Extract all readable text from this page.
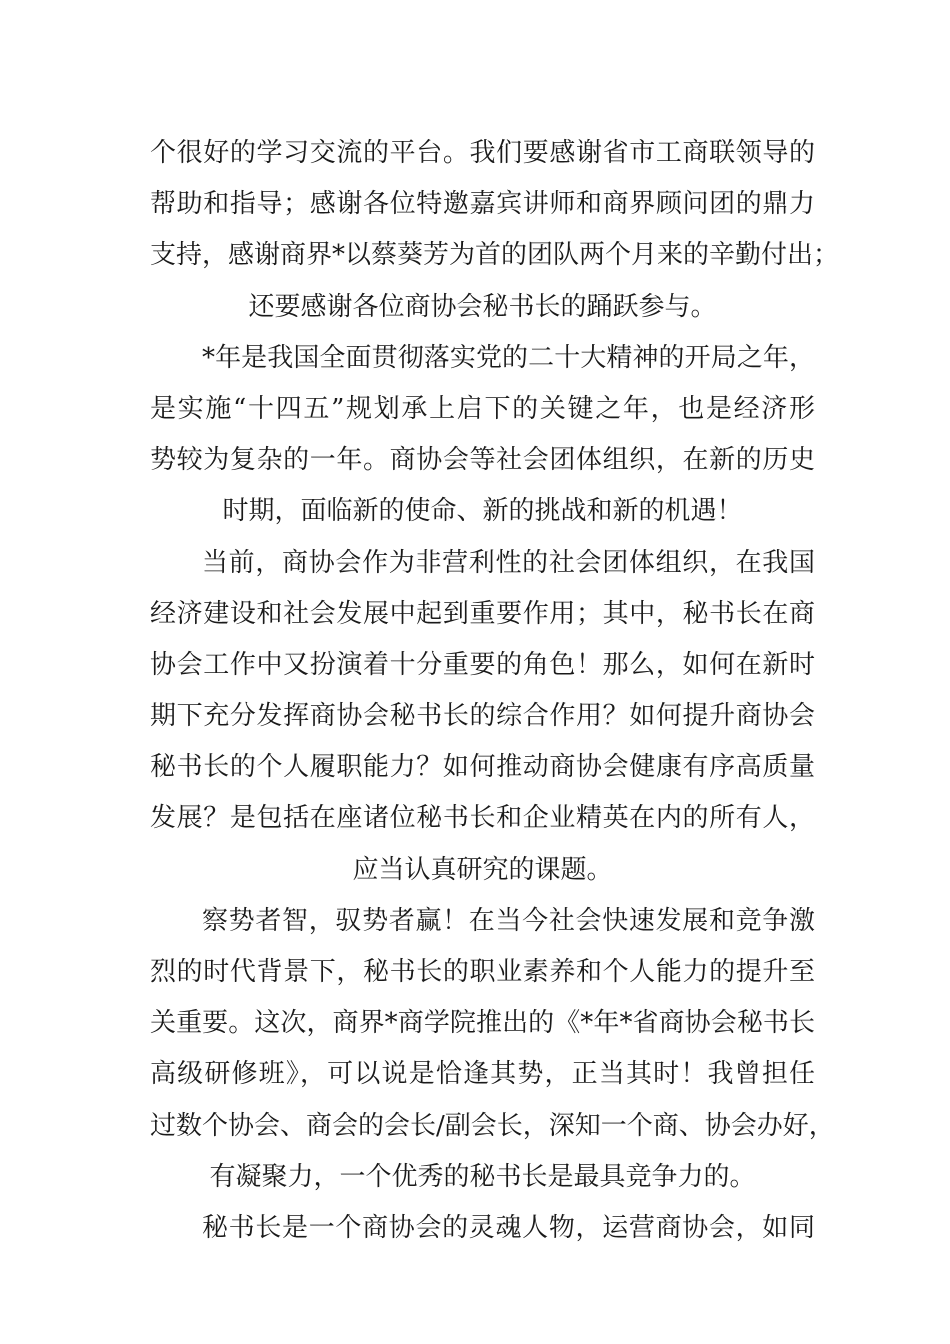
个很好的学习交流的平台。我们要感谢省市工商联领导的
帮助和指导；感谢各位特邀嘉宾讲师和商界顾问团的鼎力
支持，感谢商界*以蔡葵芳为首的团队两个月来的辛勤付出；
还要感谢各位商协会秘书长的踊跃参与。
*年是我国全面贯彻落实党的二十大精神的开局之年，
是实施“十四五”规划承上启下的关键之年，也是经济形
势较为复杂的一年。商协会等社会团体组织，在新的历史
时期，面临新的使命、新的挑战和新的机遇！
当前，商协会作为非营利性的社会团体组织，在我国
经济建设和社会发展中起到重要作用；其中，秘书长在商
协会工作中又扮演着十分重要的角色！那么，如何在新时
期下充分发挥商协会秘书长的综合作用？如何提升商协会
秘书长的个人履职能力？如何推动商协会健康有序高质量
发展？是包括在座诸位秘书长和企业精英在内的所有人，
应当认真研究的课题。
察势者智，驭势者赢！在当今社会快速发展和竞争激
烈的时代背景下，秘书长的职业素养和个人能力的提升至
关重要。这次，商界*商学院推出的《*年*省商协会秘书长
高级研修班》，可以说是恰逢其势，正当其时！我曾担任
过数个协会、商会的会长/副会长，深知一个商、协会办好，
有凝聚力，一个优秀的秘书长是最具竞争力的。
秘书长是一个商协会的灵魂人物，运营商协会，如同
